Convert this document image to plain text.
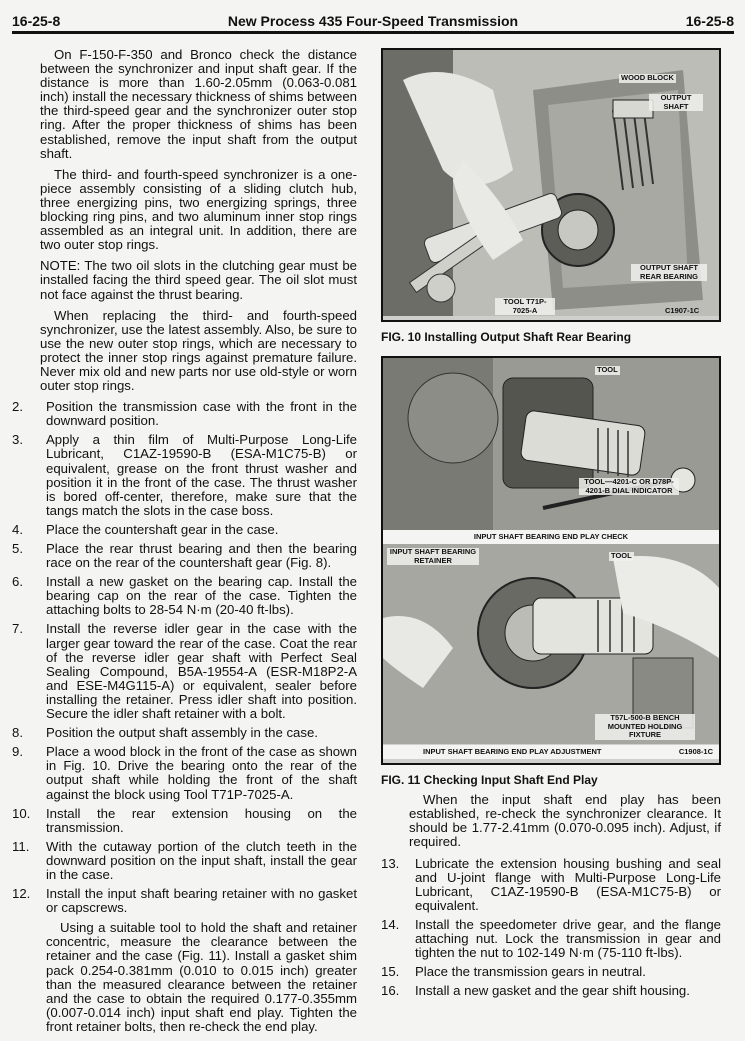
16-25-8	New Process 435 Four-Speed Transmission	16-25-8

On F-150-F-350 and Bronco check the distance between the synchronizer and input shaft gear. If the distance is more than 1.60-2.05mm (0.063-0.081 inch) install the necessary thickness of shims between the third-speed gear and the synchronizer outer stop ring. After the proper thickness of shims has been established, remove the input shaft from the output shaft.

The third- and fourth-speed synchronizer is a one-piece assembly consisting of a sliding clutch hub, three energizing pins, two energizing springs, three blocking ring pins, and two aluminum inner stop rings assembled as an integral unit. In addition, there are two outer stop rings.

NOTE: The two oil slots in the clutching gear must be installed facing the third speed gear. The oil slot must not face against the thrust bearing.

When replacing the third- and fourth-speed synchronizer, use the latest assembly. Also, be sure to use the new outer stop rings, which are necessary to protect the inner stop rings against premature failure. Never mix old and new parts nor use old-style or worn outer stop rings.

2. Position the transmission case with the front in the downward position.
3. Apply a thin film of Multi-Purpose Long-Life Lubricant, C1AZ-19590-B (ESA-M1C75-B) or equivalent, grease on the front thrust washer and position it in the front of the case. The thrust washer is bored off-center, therefore, make sure that the tangs match the slots in the case boss.
4. Place the countershaft gear in the case.
5. Place the rear thrust bearing and then the bearing race on the rear of the countershaft gear (Fig. 8).
6. Install a new gasket on the bearing cap. Install the bearing cap on the rear of the case. Tighten the attaching bolts to 28-54 N·m (20-40 ft-lbs).
7. Install the reverse idler gear in the case with the larger gear toward the rear of the case. Coat the rear of the reverse idler gear shaft with Perfect Seal Sealing Compound, B5A-19554-A (ESR-M18P2-A and ESE-M4G115-A) or equivalent, sealer before installing the retainer. Press idler shaft into position. Secure the idler shaft retainer with a bolt.
8. Position the output shaft assembly in the case.
9. Place a wood block in the front of the case as shown in Fig. 10. Drive the bearing onto the rear of the output shaft while holding the front of the shaft against the block using Tool T71P-7025-A.
10. Install the rear extension housing on the transmission.
11. With the cutaway portion of the clutch teeth in the downward position on the input shaft, install the gear in the case.
12. Install the input shaft bearing retainer with no gasket or capscrews.

Using a suitable tool to hold the shaft and retainer concentric, measure the clearance between the retainer and the case (Fig. 11). Install a gasket shim pack 0.254-0.381mm (0.010 to 0.015 inch) greater than the measured clearance between the retainer and the case to obtain the required 0.177-0.355mm (0.007-0.014 inch) input shaft end play. Tighten the front retainer bolts, then re-check the end play.

WOOD BLOCK
OUTPUT SHAFT
OUTPUT SHAFT REAR BEARING
TOOL T71P-7025-A	C1907-1C
FIG. 10 Installing Output Shaft Rear Bearing
TOOL
TOOL—4201-C OR D78P-4201-B DIAL INDICATOR
INPUT SHAFT BEARING END PLAY CHECK
INPUT SHAFT BEARING RETAINER	TOOL
T57L-500-B BENCH MOUNTED HOLDING FIXTURE
INPUT SHAFT BEARING END PLAY ADJUSTMENT	C1908-1C
FIG. 11 Checking Input Shaft End Play

When the input shaft end play has been established, re-check the synchronizer clearance. It should be 1.77-2.41mm (0.070-0.095 inch). Adjust, if required.

13. Lubricate the extension housing bushing and seal and U-joint flange with Multi-Purpose Long-Life Lubricant, C1AZ-19590-B (ESA-M1C75-B) or equivalent.
14. Install the speedometer drive gear, and the flange attaching nut. Lock the transmission in gear and tighten the nut to 102-149 N·m (75-110 ft-lbs).
15. Place the transmission gears in neutral.
16. Install a new gasket and the gear shift housing.
